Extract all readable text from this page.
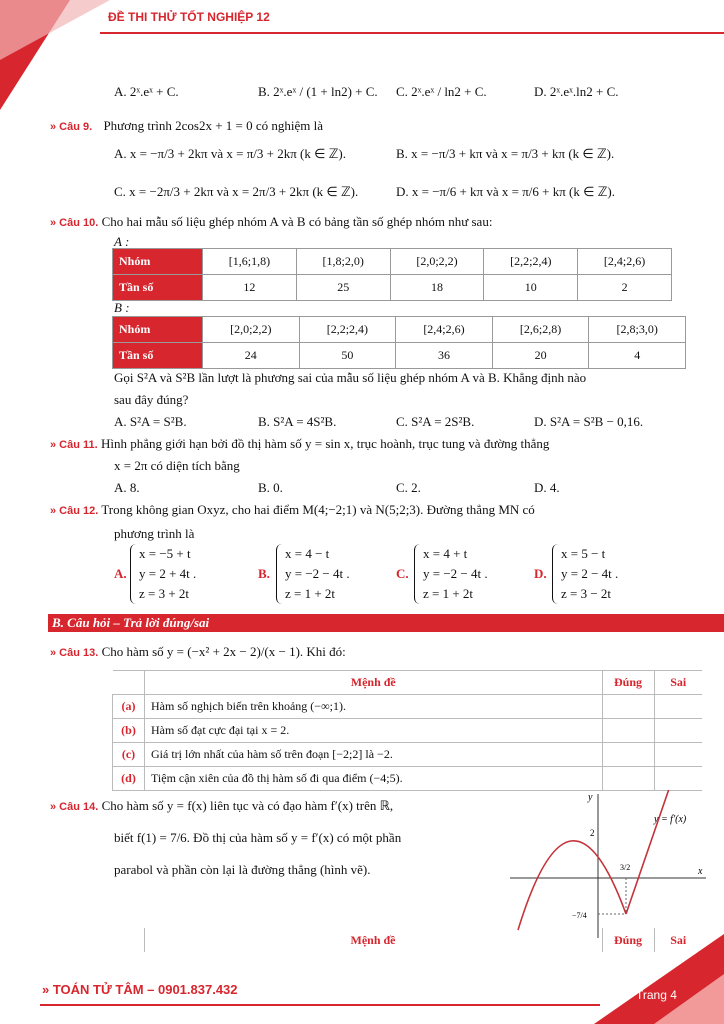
ĐỀ THI THỬ TỐT NGHIỆP 12
A. 2ˣ.eˣ + C.	B. 2ˣ.eˣ / (1 + ln2) + C. C. 2ˣ.eˣ / ln2 + C.	D. 2ˣ.eˣ.ln2 + C.
» Câu 9. Phương trình 2cos2x + 1 = 0 có nghiệm là
A. x = −π/3 + 2kπ và x = π/3 + 2kπ (k ∈ ℤ).	B. x = −π/3 + kπ và x = π/3 + kπ (k ∈ ℤ).
C. x = −2π/3 + 2kπ và x = 2π/3 + 2kπ (k ∈ ℤ).	D. x = −π/6 + kπ và x = π/6 + kπ (k ∈ ℤ).
» Câu 10. Cho hai mẫu số liệu ghép nhóm A và B có bảng tần số ghép nhóm như sau:
A :
Nhóm	[1,6;1,8)	[1,8;2,0)	[2,0;2,2)	[2,2;2,4)	[2,4;2,6)
Tần số	12	25	18	10	2
B :
Nhóm	[2,0;2,2)	[2,2;2,4)	[2,4;2,6)	[2,6;2,8)	[2,8;3,0)
Tần số	24	50	36	20	4
Gọi S²A và S²B lần lượt là phương sai của mẫu số liệu ghép nhóm A và B. Khẳng định nào
sau đây đúng?
A. S²A = S²B.	B. S²A = 4S²B.	C. S²A = 2S²B.	D. S²A = S²B − 0,16.
» Câu 11. Hình phẳng giới hạn bởi đồ thị hàm số y = sin x, trục hoành, trục tung và đường thẳng
x = 2π có diện tích bằng
A. 8.	B. 0.	C. 2.	D. 4.
» Câu 12. Trong không gian Oxyz, cho hai điểm M(4;−2;1) và N(5;2;3). Đường thẳng MN có
phương trình là
A.
x = −5 + t
y = 2 + 4t .
z = 3 + 2t
B.
x = 4 − t
y = −2 − 4t .
z = 1 + 2t
C.
x = 4 + t
y = −2 − 4t .
z = 1 + 2t
D.
x = 5 − t
y = 2 − 4t .
z = 3 − 2t
B. Câu hỏi – Trả lời đúng/sai
» Câu 13. Cho hàm số y = (−x² + 2x − 2)/(x − 1). Khi đó:
	Mệnh đề	Đúng	Sai
(a)	Hàm số nghịch biến trên khoảng (−∞;1).		
(b)	Hàm số đạt cực đại tại x = 2.		
(c)	Giá trị lớn nhất của hàm số trên đoạn [−2;2] là −2.		
(d)	Tiệm cận xiên của đồ thị hàm số đi qua điểm (−4;5).		
» Câu 14. Cho hàm số y = f(x) liên tục và có đạo hàm f′(x) trên ℝ,
biết f(1) = 7/6. Đồ thị của hàm số y = f′(x) có một phần
parabol và phần còn lại là đường thẳng (hình vẽ).
y
x
y = f′(x)
2
3/2
−7/4
	Mệnh đề	Đúng	Sai
» TOÁN TỬ TÂM – 0901.837.432	Trang 4
